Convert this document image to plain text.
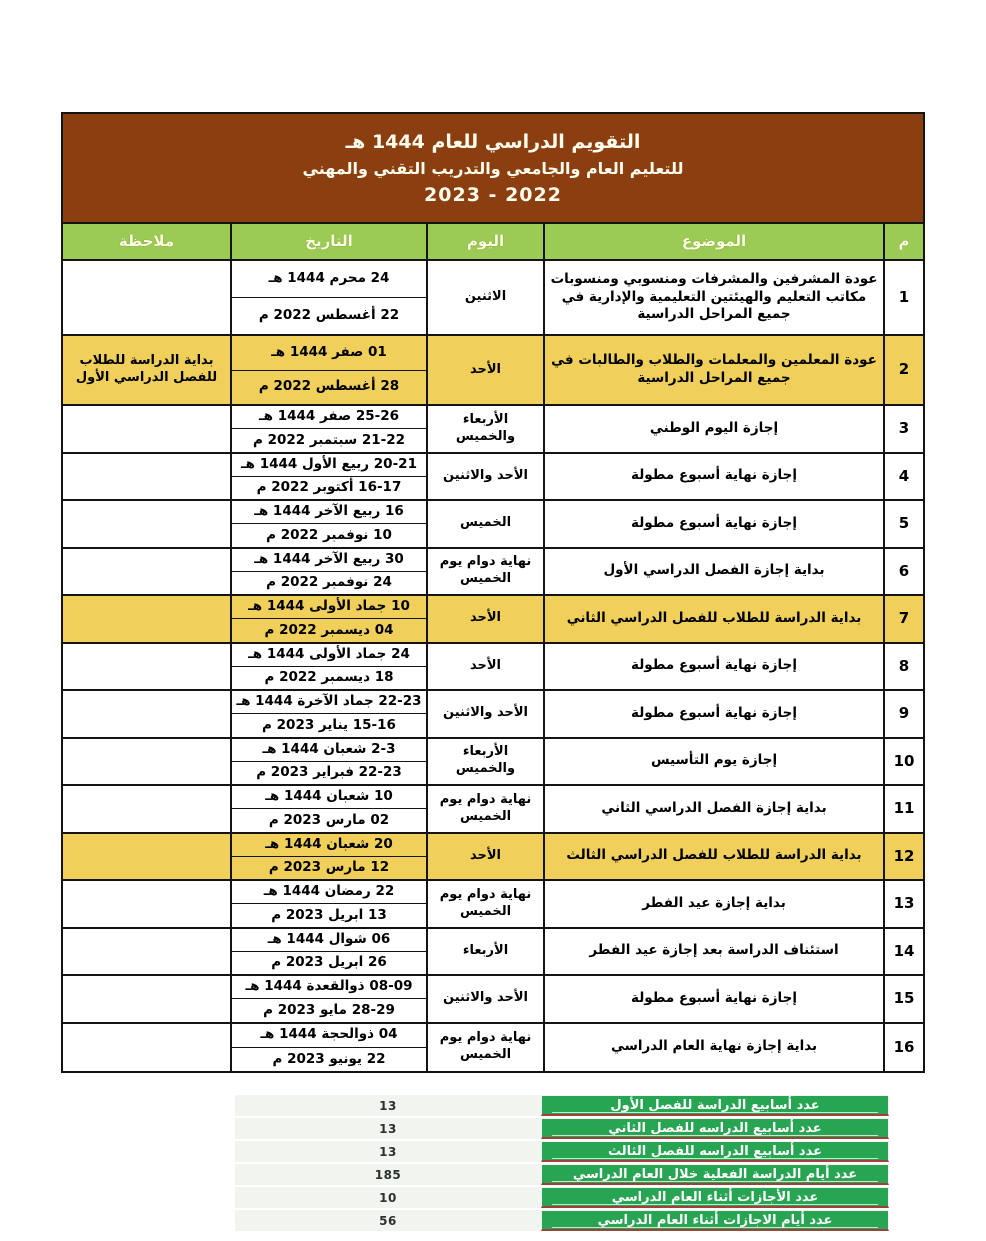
التقويم الدراسي للعام 1444 هـ
للتعليم العام والجامعي والتدريب التقني والمهني
2022 - 2023
م
الموضوع
اليوم
التاريخ
ملاحظة
1
عودة المشرفين والمشرفات ومنسوبي ومنسوبات مكاتب التعليم والهيئتين التعليمية والإدارية في جميع المراحل الدراسية
الاثنين
24 محرم 1444 هـ
22 أغسطس 2022 م
2
عودة المعلمين والمعلمات والطلاب والطالبات في جميع المراحل الدراسية
الأحد
01 صفر 1444 هـ
28 أغسطس 2022 م
بداية الدراسة للطلاب للفصل الدراسي الأول
3
إجازة اليوم الوطني
الأربعاء والخميس
25-26 صفر 1444 هـ
21-22 سبتمبر 2022 م
4
إجازة نهاية أسبوع مطولة
الأحد والاثنين
20-21 ربيع الأول 1444 هـ
16-17 أكتوبر 2022 م
5
إجازة نهاية أسبوع مطولة
الخميس
16 ربيع الآخر 1444 هـ
10 نوفمبر 2022 م
6
بداية إجازة الفصل الدراسي الأول
نهاية دوام يوم الخميس
30 ربيع الآخر 1444 هـ
24 نوفمبر 2022 م
7
بداية الدراسة للطلاب للفصل الدراسي الثاني
الأحد
10 جماد الأولى 1444 هـ
04 ديسمبر 2022 م
8
إجازة نهاية أسبوع مطولة
الأحد
24 جماد الأولى 1444 هـ
18 ديسمبر 2022 م
9
إجازة نهاية أسبوع مطولة
الأحد والاثنين
22-23 جماد الآخرة 1444 هـ
15-16 يناير 2023 م
10
إجازة يوم التأسيس
الأربعاء والخميس
2-3 شعبان 1444 هـ
22-23 فبراير 2023 م
11
بداية إجازة الفصل الدراسي الثاني
نهاية دوام يوم الخميس
10 شعبان 1444 هـ
02 مارس 2023 م
12
بداية الدراسة للطلاب للفصل الدراسي الثالث
الأحد
20 شعبان 1444 هـ
12 مارس 2023 م
13
بداية إجازة عيد الفطر
نهاية دوام يوم الخميس
22 رمضان 1444 هـ
13 ابريل 2023 م
14
استئناف الدراسة بعد إجازة عيد الفطر
الأربعاء
06 شوال 1444 هـ
26 ابريل 2023 م
15
إجازة نهاية أسبوع مطولة
الأحد والاثنين
08-09 ذوالقعدة 1444 هـ
28-29 مايو 2023 م
16
بداية إجازة نهاية العام الدراسي
نهاية دوام يوم الخميس
04 ذوالحجة 1444 هـ
22 يونيو 2023 م
عدد أسابيع الدراسة للفصل الأول
13
عدد أسابيع الدراسه للفصل الثاني
13
عدد أسابيع الدراسه للفصل الثالث
13
عدد أيام الدراسة الفعلية خلال العام الدراسي
185
عدد الأجازات أثناء العام الدراسي
10
عدد أيام الاجازات أثناء العام الدراسي
56
